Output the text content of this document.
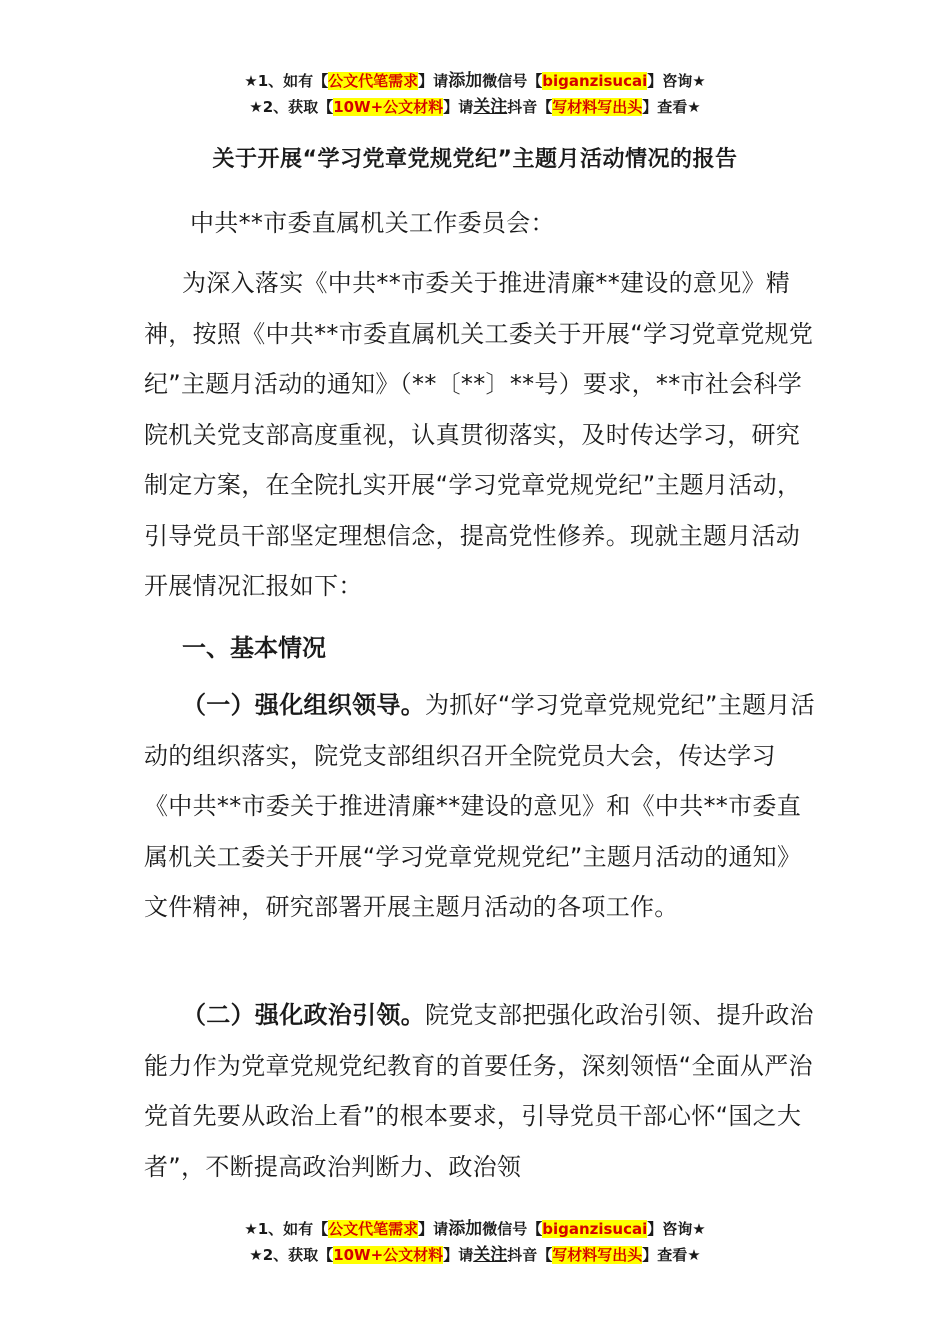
★1、如有【公文代笔需求】请添加微信号【biganzisucai】咨询★
★2、获取【10W+公文材料】请关注抖音【写材料写出头】查看★
关于开展“学习党章党规党纪”主题月活动情况的报告
中共**市委直属机关工作委员会：

为深入落实《中共**市委关于推进清廉**建设的意见》精神，按照《中共**市委直属机关工委关于开展“学习党章党规党纪”主题月活动的通知》（**〔**〕**号）要求，**市社会科学院机关党支部高度重视，认真贯彻落实，及时传达学习，研究制定方案，在全院扎实开展“学习党章党规党纪”主题月活动，引导党员干部坚定理想信念，提高党性修养。现就主题月活动开展情况汇报如下：

一、基本情况

（一）强化组织领导。为抓好“学习党章党规党纪”主题月活动的组织落实，院党支部组织召开全院党员大会，传达学习《中共**市委关于推进清廉**建设的意见》和《中共**市委直属机关工委关于开展“学习党章党规党纪”主题月活动的通知》文件精神，研究部署开展主题月活动的各项工作。

（二）强化政治引领。院党支部把强化政治引领、提升政治能力作为党章党规党纪教育的首要任务，深刻领悟“全面从严治党首先要从政治上看”的根本要求，引导党员干部心怀“国之大者”，不断提高政治判断力、政治领

★1、如有【公文代笔需求】请添加微信号【biganzisucai】咨询★
★2、获取【10W+公文材料】请关注抖音【写材料写出头】查看★
